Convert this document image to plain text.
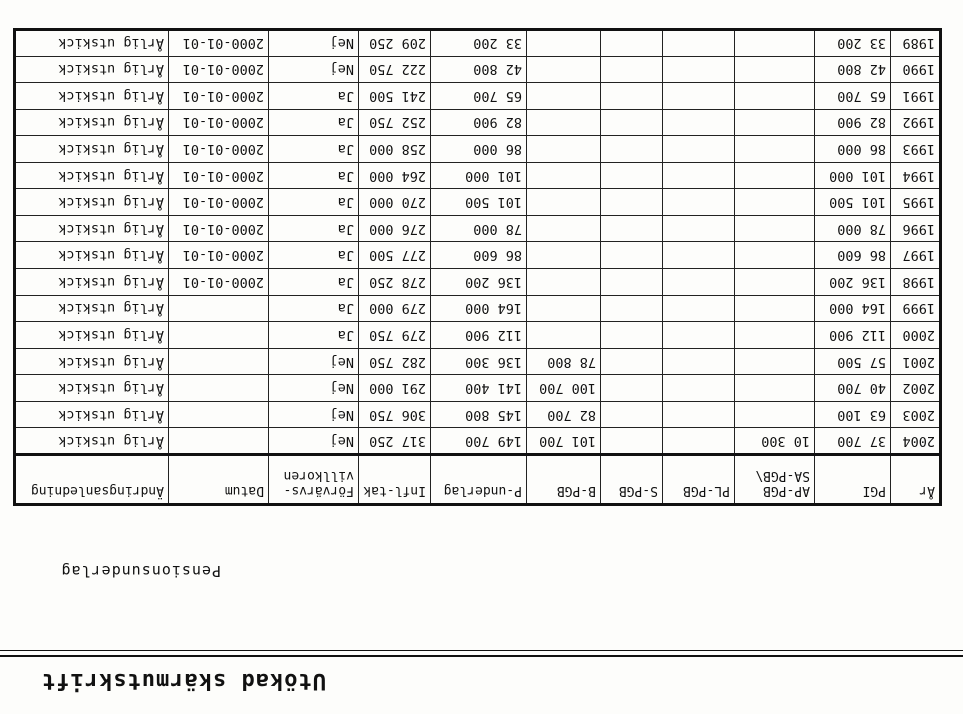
Utökad skärmutskrift
Pensionsunderlag
År	PGI	AP-PGB SA-PGB\	PL-PGB	S-PGB	B-PGB	P-underlag	Infl-tak	Förvärvs-villkoren	Datum	Ändringsanledning
2004	37 700	10 300			101 700	149 700	317 250	Nej		Årlig utskick
2003	63 100				82 700	145 800	306 750	Nej		Årlig utskick
2002	40 700				100 700	141 400	291 000	Nej		Årlig utskick
2001	57 500				78 800	136 300	282 750	Nej		Årlig utskick
2000	112 900					112 900	279 750	Ja		Årlig utskick
1999	164 000					164 000	279 000	Ja		Årlig utskick
1998	136 200					136 200	278 250	Ja	2000-01-01	Årlig utskick
1997	86 600					86 600	277 500	Ja	2000-01-01	Årlig utskick
1996	78 000					78 000	276 000	Ja	2000-01-01	Årlig utskick
1995	101 500					101 500	270 000	Ja	2000-01-01	Årlig utskick
1994	101 000					101 000	264 000	Ja	2000-01-01	Årlig utskick
1993	86 000					86 000	258 000	Ja	2000-01-01	Årlig utskick
1992	82 900					82 900	252 750	Ja	2000-01-01	Årlig utskick
1991	65 700					65 700	241 500	Ja	2000-01-01	Årlig utskick
1990	42 800					42 800	222 750	Nej	2000-01-01	Årlig utskick
1989	33 200					33 200	209 250	Nej	2000-01-01	Årlig utskick
